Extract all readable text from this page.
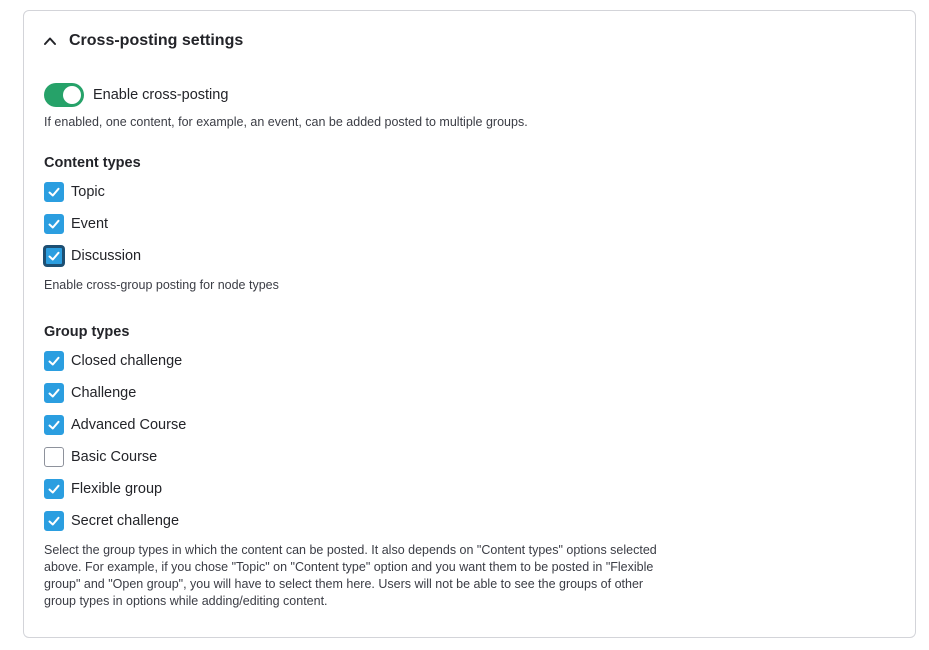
Cross-posting settings
Enable cross-posting
If enabled, one content, for example, an event, can be added posted to multiple groups.
Content types
Topic
Event
Discussion
Enable cross-group posting for node types
Group types
Closed challenge
Challenge
Advanced Course
Basic Course
Flexible group
Secret challenge
Select the group types in which the content can be posted. It also depends on "Content types" options selected above. For example, if you chose "Topic" on "Content type" option and you want them to be posted in "Flexible group" and "Open group", you will have to select them here. Users will not be able to see the groups of other group types in options while adding/editing content.
